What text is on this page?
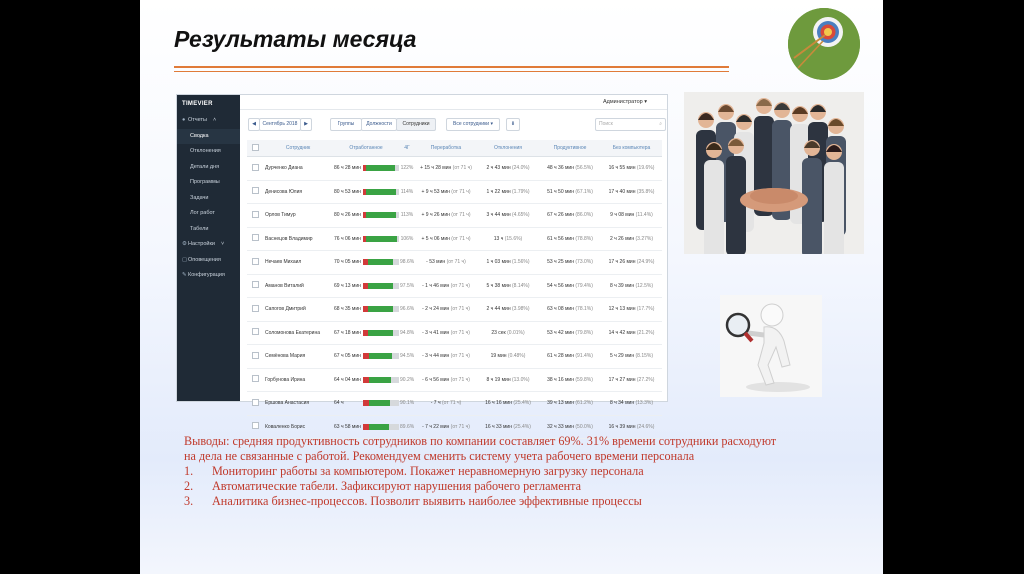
Результаты месяца
TIMEVIER
● Отчеты ˄
Сводка
Отклонения
Детали дня
Программы
Задачи
Лог работ
Табели
⚙Настройки ˅
▢Оповещения
✎Конфигурация
Администратор ▾
◀	Сентябрь 2018	▶	Группы	Должности	Сотрудники	Все сотрудники ▾	⬇	Поиск	⌕
	Сотрудник	Отработанное	4Г	Переработка	Отклонения	Продуктивное	Без компьютера
	Дурченко Диана	86 ч 28 мин	122%	+ 15 ч 28 мин (от 71 ч)	2 ч 43 мин (24.0%)	48 ч 36 мин (56.5%)	16 ч 55 мин (19.6%)
	Денисова Юлия	80 ч 53 мин	114%	+ 9 ч 53 мин (от 71 ч)	1 ч 22 мин (1.79%)	51 ч 50 мин (67.1%)	17 ч 40 мин (35.8%)
	Орлов Тимур	80 ч 26 мин	113%	+ 9 ч 26 мин (от 71 ч)	3 ч 44 мин (4.65%)	67 ч 26 мин (86.0%)	9 ч 08 мин (11.4%)
	Васнецов Владимир	76 ч 06 мин	106%	+ 5 ч 06 мин (от 71 ч)	13 ч (15.6%)	61 ч 56 мин (78.8%)	2 ч 26 мин (3.27%)
	Нечаев Михаил	70 ч 05 мин	98.6%	- 53 мин (от 71 ч)	1 ч 03 мин (1.56%)	53 ч 25 мин (73.0%)	17 ч 26 мин (24.9%)
	Аманов Виталий	69 ч 13 мин	97.5%	- 1 ч 46 мин (от 71 ч)	5 ч 38 мин (8.14%)	54 ч 56 мин (79.4%)	8 ч 39 мин (12.5%)
	Сапогов Дмитрий	68 ч 35 мин	96.6%	- 2 ч 24 мин (от 71 ч)	2 ч 44 мин (3.98%)	63 ч 08 мин (78.1%)	12 ч 13 мин (17.7%)
	Соломонова Екатерина	67 ч 18 мин	94.8%	- 3 ч 41 мин (от 71 ч)	23 сек (0.01%)	53 ч 42 мин (79.8%)	14 ч 42 мин (21.2%)
	Семёнова Мария	67 ч 05 мин	94.5%	- 3 ч 44 мин (от 71 ч)	19 мин (0.48%)	61 ч 28 мин (91.4%)	5 ч 29 мин (8.15%)
	Горбунова Ирина	64 ч 04 мин	90.2%	- 6 ч 56 мин (от 71 ч)	8 ч 19 мин (13.0%)	38 ч 16 мин (59.8%)	17 ч 27 мин (27.2%)
	Ершова Анастасия	64 ч	90.1%	- 7 ч (от 71 ч)	16 ч 16 мин (25.4%)	39 ч 13 мин (61.2%)	8 ч 34 мин (13.3%)
	Коваленко Борис	63 ч 58 мин	89.6%	- 7 ч 22 мин (от 71 ч)	16 ч 33 мин (25.4%)	32 ч 33 мин (50.0%)	16 ч 39 мин (24.6%)

Выводы: средняя продуктивность сотрудников по компании составляет 69%. 31% времени сотрудники расходуют на дела не связанные с работой. Рекомендуем сменить систему учета рабочего времени персонала

1. Мониторинг работы за компьютером. Покажет неравномерную загрузку персонала
2. Автоматические табели. Зафиксируют нарушения рабочего регламента
3. Аналитика бизнес-процессов. Позволит выявить наиболее эффективные процессы
